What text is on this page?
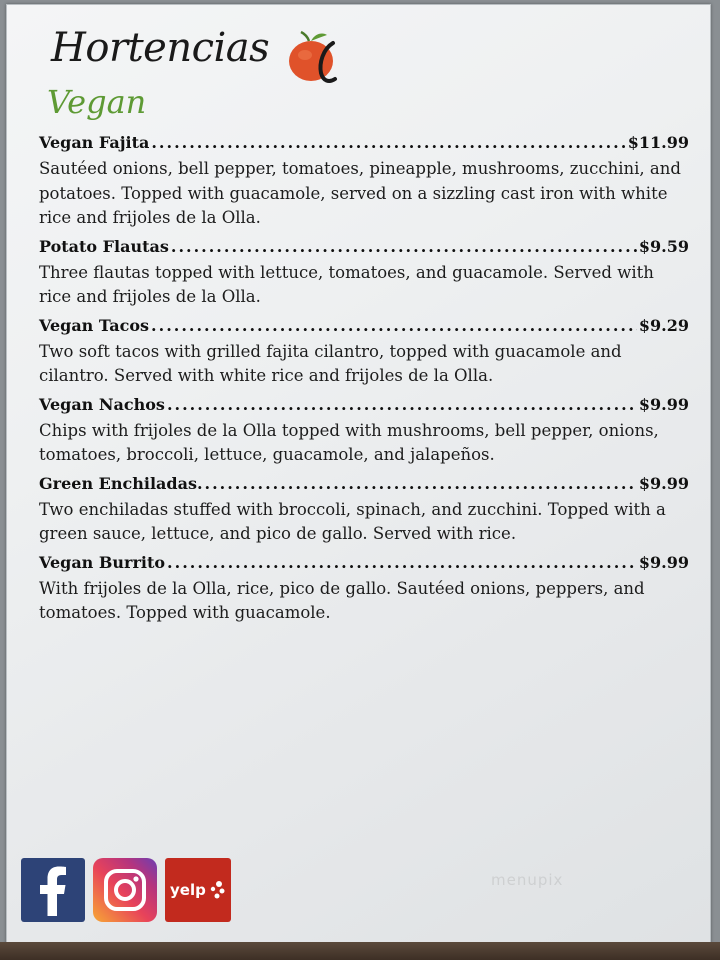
Hortencias
Vegan
Vegan Fajita .....	$11.99
Sautéed onions, bell pepper, tomatoes, pineapple, mushrooms, zucchini, and potatoes. Topped with guacamole, served on a sizzling cast iron with white rice and frijoles de la Olla.
Potato Flautas .....	$9.59
Three flautas topped with lettuce, tomatoes, and guacamole. Served with rice and frijoles de la Olla.
Vegan Tacos .....	$9.29
Two soft tacos with grilled fajita cilantro, topped with guacamole and cilantro. Served with white rice and frijoles de la Olla.
Vegan Nachos .....	$9.99
Chips with frijoles de la Olla topped with mushrooms, bell pepper, onions, tomatoes, broccoli, lettuce, guacamole, and jalapeños.
Green Enchiladas. .....	$9.99
Two enchiladas stuffed with broccoli, spinach, and zucchini. Topped with a green sauce, lettuce, and pico de gallo. Served with rice.
Vegan Burrito .....	$9.99
With frijoles de la Olla, rice, pico de gallo. Sautéed onions, peppers, and tomatoes. Topped with guacamole.
yelp
menupix
